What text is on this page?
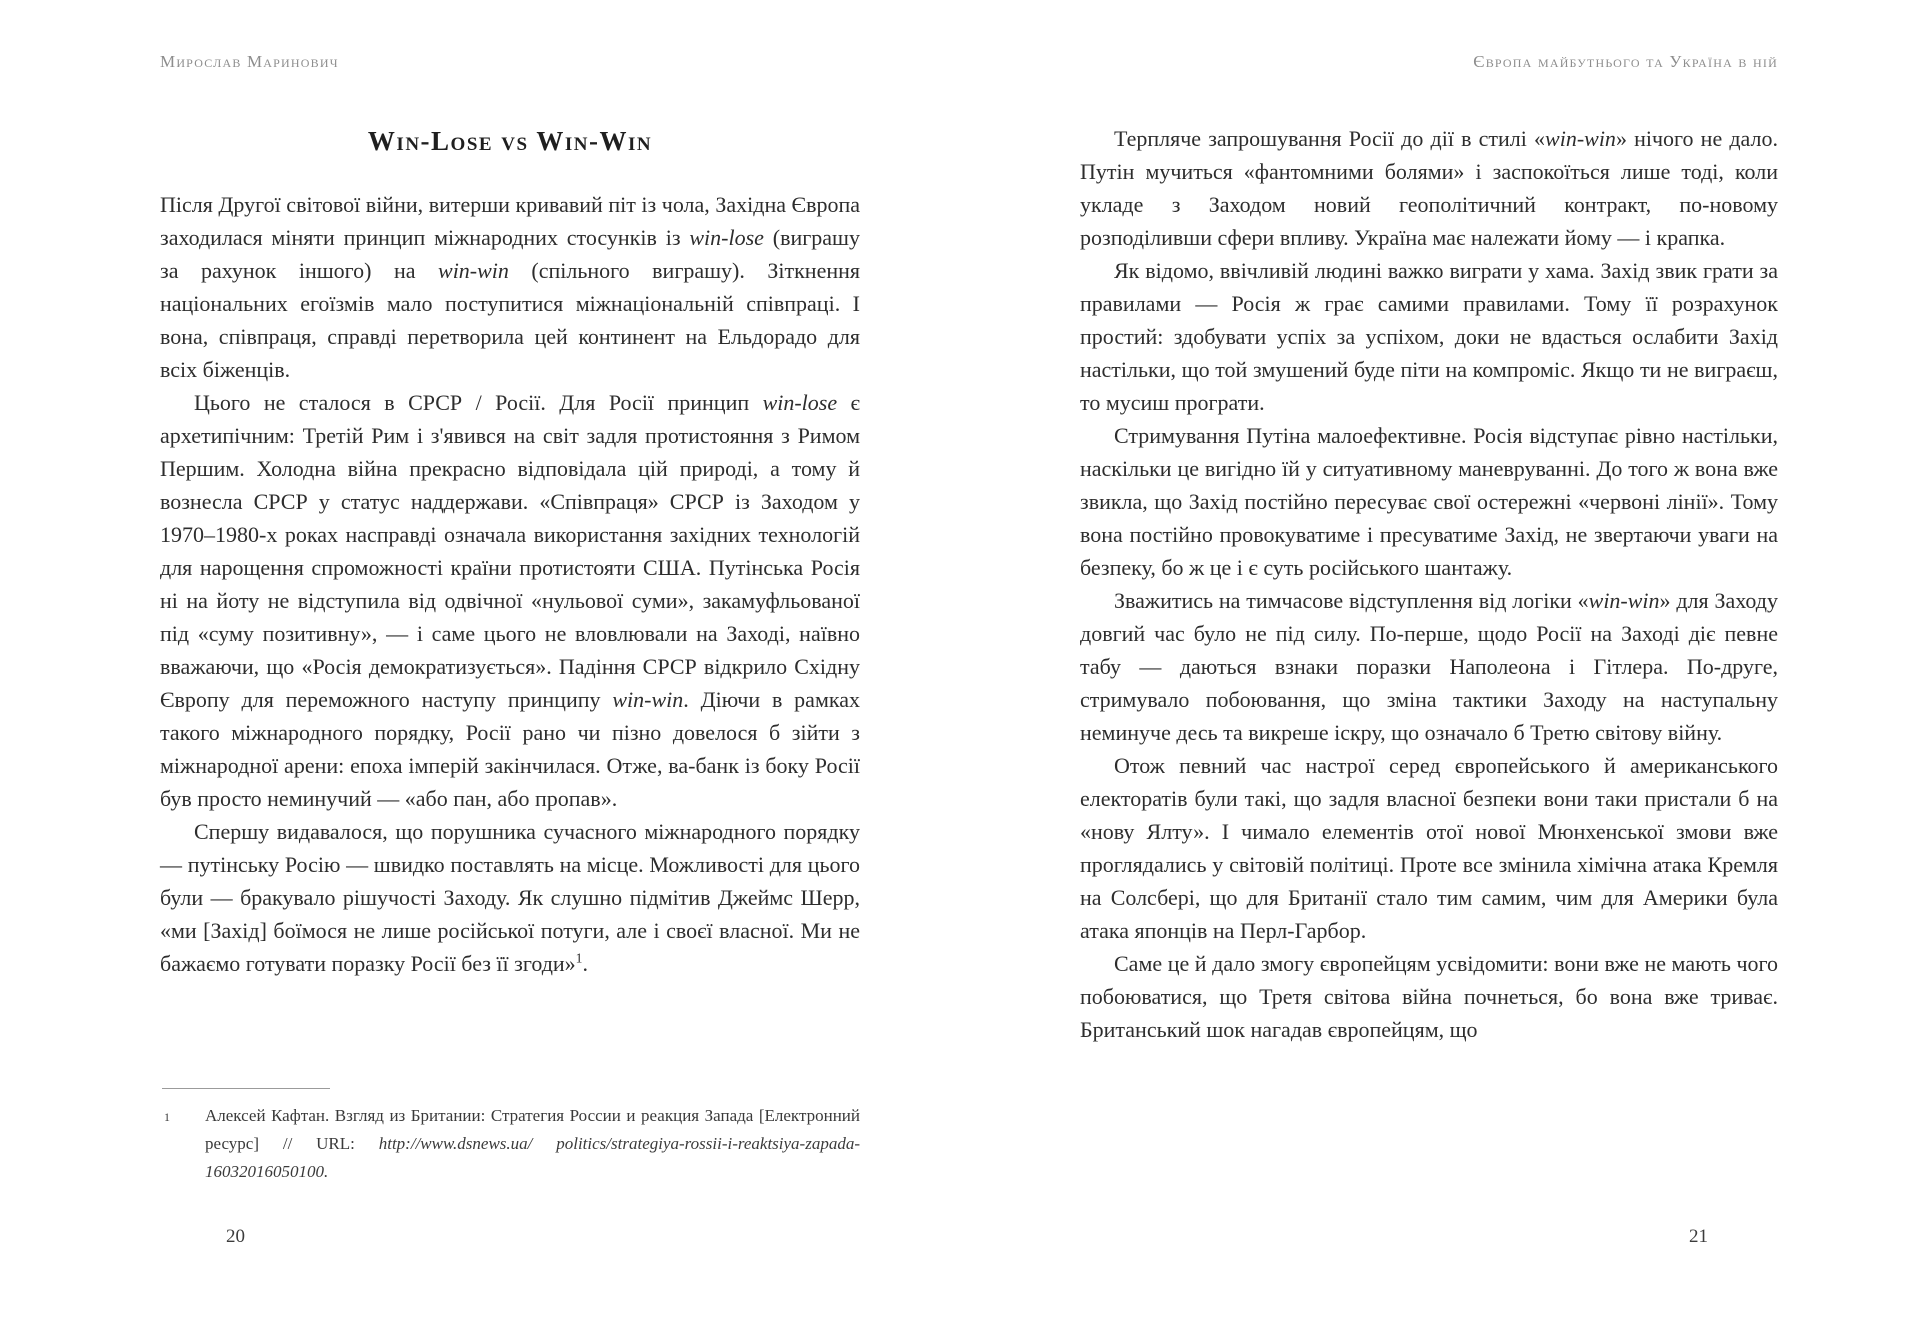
Мирослав Маринович
Win-Lose vs Win-Win

Після Другої світової війни, витерши кривавий піт із чола, Західна Європа заходилася міняти принцип міжнародних стосунків із win-lose (виграшу за рахунок іншого) на win-win (спільного виграшу). Зіткнення національних егоїзмів мало поступитися міжнаціональній співпраці. І вона, співпраця, справді перетворила цей континент на Ельдорадо для всіх біженців.

Цього не сталося в СРСР / Росії. Для Росії принцип win-lose є архетипічним: Третій Рим і з'явився на світ задля протистояння з Римом Першим. Холодна війна прекрасно відповідала цій природі, а тому й вознесла СРСР у статус наддержави. «Співпраця» СРСР із Заходом у 1970–1980-х роках насправді означала використання західних технологій для нарощення спроможності країни протистояти США. Путінська Росія ні на йоту не відступила від одвічної «нульової суми», закамуфльованої під «суму позитивну», — і саме цього не вловлювали на Заході, наївно вважаючи, що «Росія демократизується». Падіння СРСР відкрило Східну Європу для переможного наступу принципу win-win. Діючи в рамках такого міжнародного порядку, Росії рано чи пізно довелося б зійти з міжнародної арени: епоха імперій закінчилася. Отже, ва-банк із боку Росії був просто неминучий — «або пан, або пропав».

Спершу видавалося, що порушника сучасного міжнародного порядку — путінську Росію — швидко поставлять на місце. Можливості для цього були — бракувало рішучості Заходу. Як слушно підмітив Джеймс Шерр, «ми [Захід] боїмося не лише російської потуги, але і своєї власної. Ми не бажаємо готувати поразку Росії без її згоди»$^1$.

1	Алексей Кафтан. Взгляд из Британии: Стратегия России и реакция Запада [Електронний ресурс] // URL: http://www.dsnews.ua/ politics/strategiya-rossii-i-reaktsiya-zapada-16032016050100.
20
Європа майбутнього та Україна в ній

Терпляче запрошування Росії до дії в стилі «win-win» нічого не дало. Путін мучиться «фантомними болями» і заспокоїться лише тоді, коли укладе з Заходом новий геополітичний контракт, по-новому розподіливши сфери впливу. Україна має належати йому — і крапка.

Як відомо, ввічливій людині важко виграти у хама. Захід звик грати за правилами — Росія ж грає самими правилами. Тому її розрахунок простий: здобувати успіх за успіхом, доки не вдасться ослабити Захід настільки, що той змушений буде піти на компроміс. Якщо ти не виграєш, то мусиш програти.

Стримування Путіна малоефективне. Росія відступає рівно настільки, наскільки це вигідно їй у ситуативному маневруванні. До того ж вона вже звикла, що Захід постійно пересуває свої остережні «червоні лінії». Тому вона постійно провокуватиме і пресуватиме Захід, не звертаючи уваги на безпеку, бо ж це і є суть російського шантажу.

Зважитись на тимчасове відступлення від логіки «win-win» для Заходу довгий час було не під силу. По-перше, щодо Росії на Заході діє певне табу — даються взнаки поразки Наполеона і Гітлера. По-друге, стримувало побоювання, що зміна тактики Заходу на наступальну неминуче десь та викреше іскру, що означало б Третю світову війну.

Отож певний час настрої серед європейського й американського електоратів були такі, що задля власної безпеки вони таки пристали б на «нову Ялту». І чимало елементів отої нової Мюнхенської змови вже проглядались у світовій політиці. Проте все змінила хімічна атака Кремля на Солсбері, що для Британії стало тим самим, чим для Америки була атака японців на Перл-Гарбор.

Саме це й дало змогу європейцям усвідомити: вони вже не мають чого побоюватися, що Третя світова війна почнеться, бо вона вже триває. Британський шок нагадав європейцям, що

21
